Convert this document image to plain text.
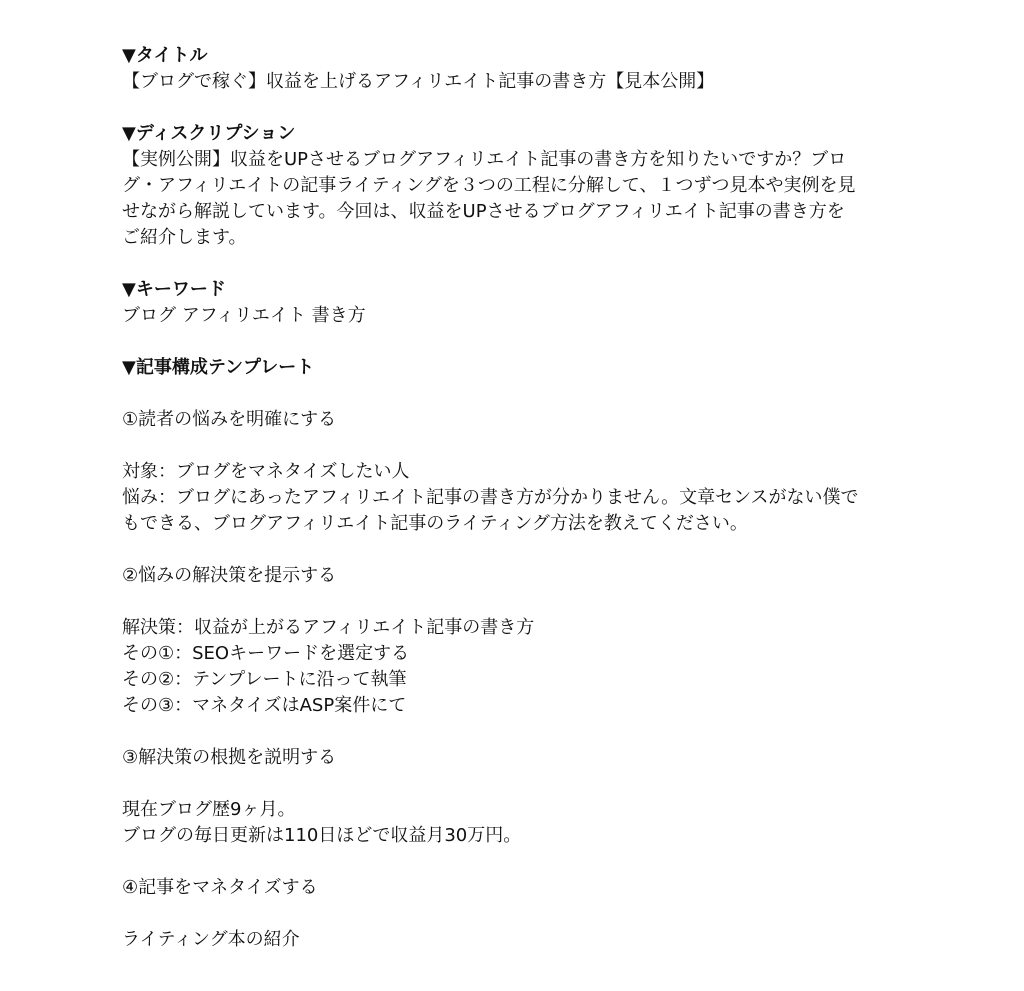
▼タイトル
【ブログで稼ぐ】収益を上げるアフィリエイト記事の書き方【見本公開】
▼ディスクリプション
【実例公開】収益をUPさせるブログアフィリエイト記事の書き方を知りたいですか？ブロ
グ・アフィリエイトの記事ライティングを３つの工程に分解して、１つずつ見本や実例を見
せながら解説しています。今回は、収益をUPさせるブログアフィリエイト記事の書き方を
ご紹介します。
▼キーワード
ブログ アフィリエイト 書き方
▼記事構成テンプレート
①読者の悩みを明確にする
対象：ブログをマネタイズしたい人
悩み：ブログにあったアフィリエイト記事の書き方が分かりません。文章センスがない僕で
もできる、ブログアフィリエイト記事のライティング方法を教えてください。
②悩みの解決策を提示する
解決策：収益が上がるアフィリエイト記事の書き方
その①：SEOキーワードを選定する
その②：テンプレートに沿って執筆
その③：マネタイズはASP案件にて
③解決策の根拠を説明する
現在ブログ歴9ヶ月。
ブログの毎日更新は110日ほどで収益月30万円。
④記事をマネタイズする
ライティング本の紹介
